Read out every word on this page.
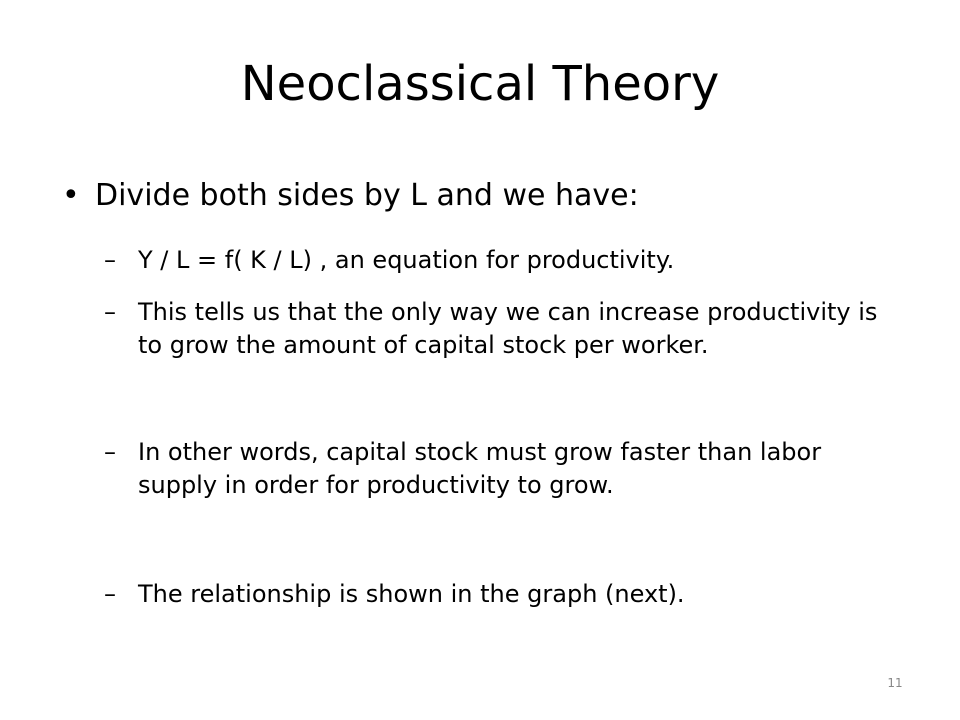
Neoclassical Theory
• Divide both sides by L and we have:
– Y / L = f( K / L) , an equation for productivity.
– This tells us that the only way we can increase productivity is to grow the amount of capital stock per worker.
– In other words, capital stock must grow faster than labor supply in order for productivity to grow.
– The relationship is shown in the graph (next).
11
